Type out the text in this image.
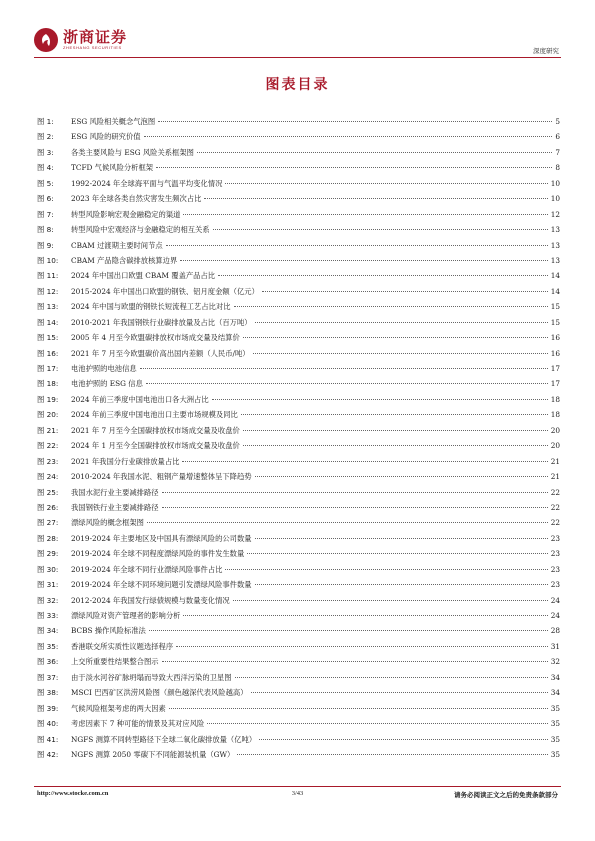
浙商证券
ZHESHANG SECURITIES	深度研究
图表目录
图 1:	ESG 风险相关概念气泡图	5
图 2:	ESG 风险的研究价值	6
图 3:	各类主要风险与 ESG 风险关系框架图	7
图 4:	TCFD 气候风险分析框架	8
图 5:	1992-2024 年全球海平面与气温平均变化情况	10
图 6:	2023 年全球各类自然灾害发生频次占比	10
图 7:	转型风险影响宏观金融稳定的渠道	12
图 8:	转型风险中宏观经济与金融稳定的相互关系	13
图 9:	CBAM 过渡期主要时间节点	13
图 10:	CBAM 产品隐含碳排放核算边界	13
图 11:	2024 年中国出口欧盟 CBAM 覆盖产品占比	14
图 12:	2015-2024 年中国出口欧盟的钢铁、铝月度金额（亿元）	14
图 13:	2024 年中国与欧盟的钢铁长短流程工艺占比对比	15
图 14:	2010-2021 年我国钢铁行业碳排放量及占比（百万吨）	15
图 15:	2005 年 4 月至今欧盟碳排放权市场成交量及结算价	16
图 16:	2021 年 7 月至今欧盟碳价高出国内差额（人民币/吨）	16
图 17:	电池护照的电池信息	17
图 18:	电池护照的 ESG 信息	17
图 19:	2024 年前三季度中国电池出口各大洲占比	18
图 20:	2024 年前三季度中国电池出口主要市场规模及同比	18
图 21:	2021 年 7 月至今全国碳排放权市场成交量及收盘价	20
图 22:	2024 年 1 月至今全国碳排放权市场成交量及收盘价	20
图 23:	2021 年我国分行业碳排放量占比	21
图 24:	2010-2024 年我国水泥、粗钢产量增速整体呈下降趋势	21
图 25:	我国水泥行业主要减排路径	22
图 26:	我国钢铁行业主要减排路径	22
图 27:	漂绿风险的概念框架图	22
图 28:	2019-2024 年主要地区及中国具有漂绿风险的公司数量	23
图 29:	2019-2024 年全球不同程度漂绿风险的事件发生数量	23
图 30:	2019-2024 年全球不同行业漂绿风险事件占比	23
图 31:	2019-2024 年全球不同环境问题引发漂绿风险事件数量	23
图 32:	2012-2024 年我国发行绿债规模与数量变化情况	24
图 33:	漂绿风险对资产管理者的影响分析	24
图 34:	BCBS 操作风险标准法	28
图 35:	香港联交所实质性议题选择程序	31
图 36:	上交所重要性结果整合图示	32
图 37:	由于淡水河谷矿脉坍塌而导致大西洋污染的卫星图	34
图 38:	MSCI 巴西矿区洪涝风险图（颜色越深代表风险越高）	34
图 39:	气候风险框架考虑的两大因素	35
图 40:	考虑因素下 7 种可能的情景及其对应风险	35
图 41:	NGFS 测算不同转型路径下全球二氧化碳排放量（亿吨）	35
图 42:	NGFS 测算 2050 零碳下不同能源装机量（GW）	35
http://www.stocke.com.cn	3/43	请务必阅读正文之后的免责条款部分
